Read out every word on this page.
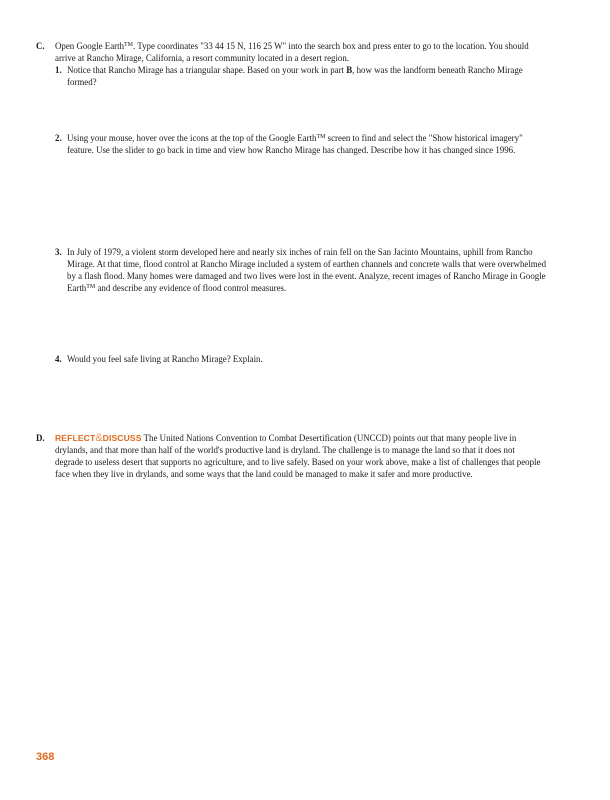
C. Open Google Earth™. Type coordinates "33 44 15 N, 116 25 W" into the search box and press enter to go to the location. You should arrive at Rancho Mirage, California, a resort community located in a desert region.
1. Notice that Rancho Mirage has a triangular shape. Based on your work in part B, how was the landform beneath Rancho Mirage formed?
2. Using your mouse, hover over the icons at the top of the Google Earth™ screen to find and select the "Show historical imagery" feature. Use the slider to go back in time and view how Rancho Mirage has changed. Describe how it has changed since 1996.
3. In July of 1979, a violent storm developed here and nearly six inches of rain fell on the San Jacinto Mountains, uphill from Rancho Mirage. At that time, flood control at Rancho Mirage included a system of earthen channels and concrete walls that were overwhelmed by a flash flood. Many homes were damaged and two lives were lost in the event. Analyze, recent images of Rancho Mirage in Google Earth™ and describe any evidence of flood control measures.
4. Would you feel safe living at Rancho Mirage? Explain.
D. REFLECT&DISCUSS The United Nations Convention to Combat Desertification (UNCCD) points out that many people live in drylands, and that more than half of the world's productive land is dryland. The challenge is to manage the land so that it does not degrade to useless desert that supports no agriculture, and to live safely. Based on your work above, make a list of challenges that people face when they live in drylands, and some ways that the land could be managed to make it safer and more productive.
368
